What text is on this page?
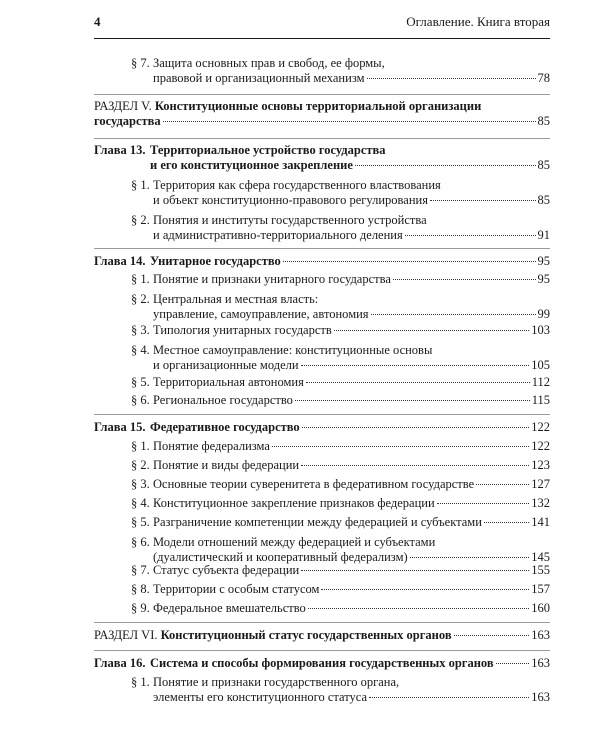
4	Оглавление. Книга вторая
§ 7. Защита основных прав и свобод, ее формы,
правовой и организационный механизм	78
РАЗДЕЛ V. Конституционные основы территориальной организации
государства	85
Глава 13. Территориальное устройство государства
и его конституционное закрепление	85
§ 1. Территория как сфера государственного властвования
и объект конституционно-правового регулирования	85
§ 2. Понятия и институты государственного устройства
и административно-территориального деления	91
Глава 14. Унитарное государство	95
§ 1. Понятие и признаки унитарного государства	95
§ 2. Центральная и местная власть:
управление, самоуправление, автономия	99
§ 3. Типология унитарных государств	103
§ 4. Местное самоуправление: конституционные основы
и организационные модели	105
§ 5. Территориальная автономия	112
§ 6. Региональное государство	115
Глава 15. Федеративное государство	122
§ 1. Понятие федерализма	122
§ 2. Понятие и виды федерации	123
§ 3. Основные теории суверенитета в федеративном государстве	127
§ 4. Конституционное закрепление признаков федерации	132
§ 5. Разграничение компетенции между федерацией и субъектами	141
§ 6. Модели отношений между федерацией и субъектами
(дуалистический и кооперативный федерализм)	145
§ 7. Статус субъекта федерации	155
§ 8. Территории с особым статусом	157
§ 9. Федеральное вмешательство	160
РАЗДЕЛ VI. Конституционный статус государственных органов	163
Глава 16. Система и способы формирования государственных органов	163
§ 1. Понятие и признаки государственного органа,
элементы его конституционного статуса	163
